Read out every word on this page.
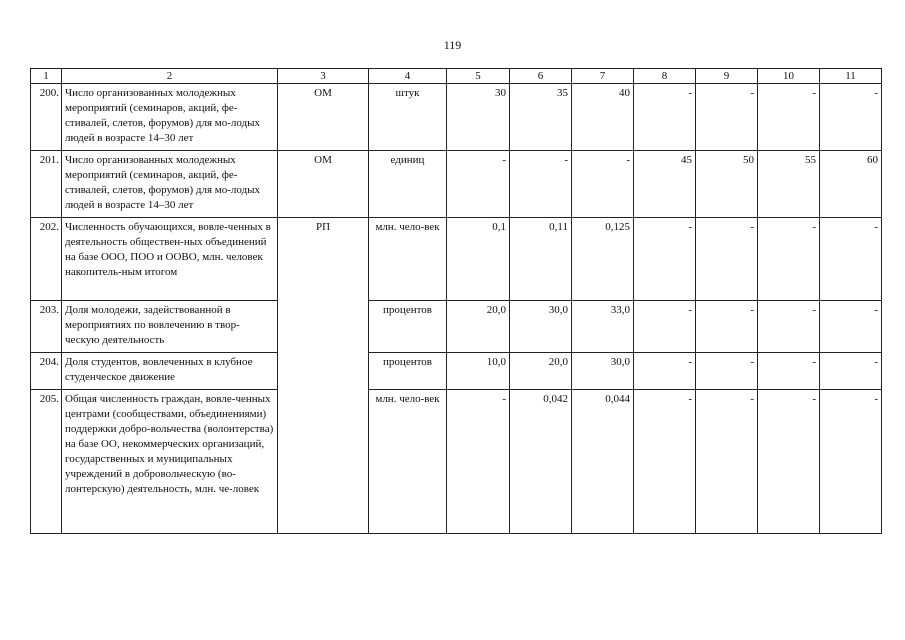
119
1	2	3	4	5	6	7	8	9	10	11
200.	Число организованных молодежных мероприятий (семинаров, акций, фе-стивалей, слетов, форумов) для мо-лодых людей в возрасте 14–30 лет	ОМ	штук	30	35	40	-	-	-	-
201.	Число организованных молодежных мероприятий (семинаров, акций, фе-стивалей, слетов, форумов) для мо-лодых людей в возрасте 14–30 лет	ОМ	единиц	-	-	-	45	50	55	60
202.	Численность обучающихся, вовле-ченных в деятельность обществен-ных объединений на базе ООО, ПОО и ООВО, млн. человек накопитель-ным итогом	РП	млн. чело-век	0,1	0,11	0,125	-	-	-	-
203.	Доля молодежи, задействованной в мероприятиях по вовлечению в твор-ческую деятельность		процентов	20,0	30,0	33,0	-	-	-	-
204.	Доля студентов, вовлеченных в клубное студенческое движение		процентов	10,0	20,0	30,0	-	-	-	-
205.	Общая численность граждан, вовле-ченных центрами (сообществами, объединениями) поддержки добро-вольчества (волонтерства) на базе ОО, некоммерческих организаций, государственных и муниципальных учреждений в добровольческую (во-лонтерскую) деятельность, млн. че-ловек		млн. чело-век	-	0,042	0,044	-	-	-	-
